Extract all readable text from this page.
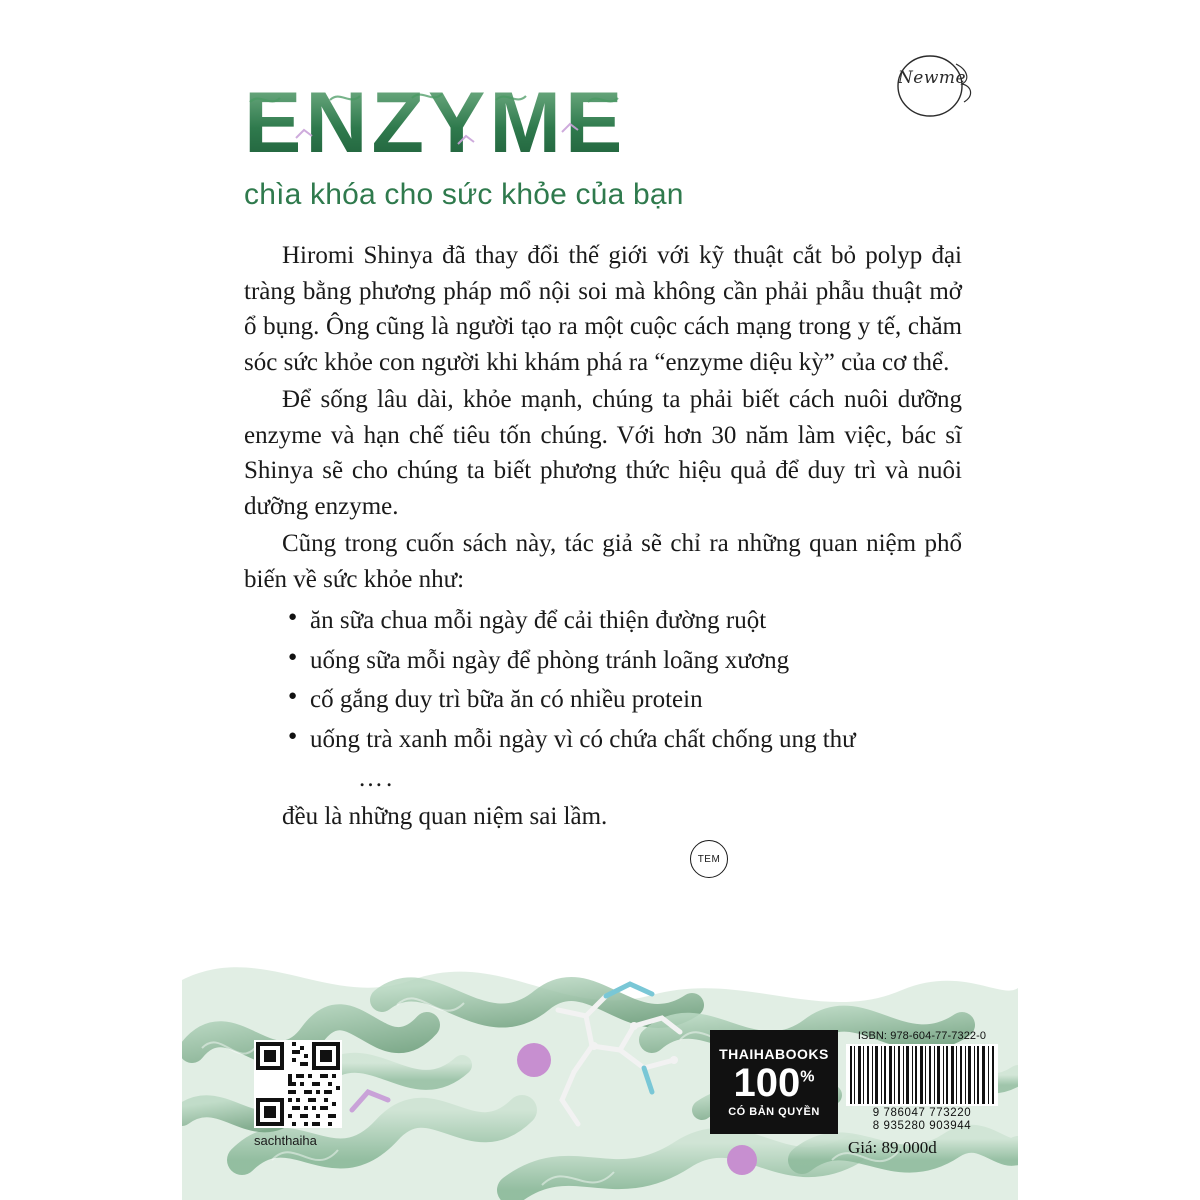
Newme
ENZYME
chìa khóa cho sức khỏe của bạn

Hiromi Shinya đã thay đổi thế giới với kỹ thuật cắt bỏ polyp đại tràng bằng phương pháp mổ nội soi mà không cần phải phẫu thuật mở ổ bụng. Ông cũng là người tạo ra một cuộc cách mạng trong y tế, chăm sóc sức khỏe con người khi khám phá ra “enzyme diệu kỳ” của cơ thể.

Để sống lâu dài, khỏe mạnh, chúng ta phải biết cách nuôi dưỡng enzyme và hạn chế tiêu tốn chúng. Với hơn 30 năm làm việc, bác sĩ Shinya sẽ cho chúng ta biết phương thức hiệu quả để duy trì và nuôi dưỡng enzyme.

Cũng trong cuốn sách này, tác giả sẽ chỉ ra những quan niệm phổ biến về sức khỏe như:

● ăn sữa chua mỗi ngày để cải thiện đường ruột
● uống sữa mỗi ngày để phòng tránh loãng xương
● cố gắng duy trì bữa ăn có nhiều protein
● uống trà xanh mỗi ngày vì có chứa chất chống ung thư

….

đều là những quan niệm sai lầm.

TEM
sachthaiha
THAIHABOOKS
100%
CÓ BẢN QUYỀN
ISBN: 978-604-77-7322-0
9 786047 773220
8 935280 903944
Giá: 89.000d
